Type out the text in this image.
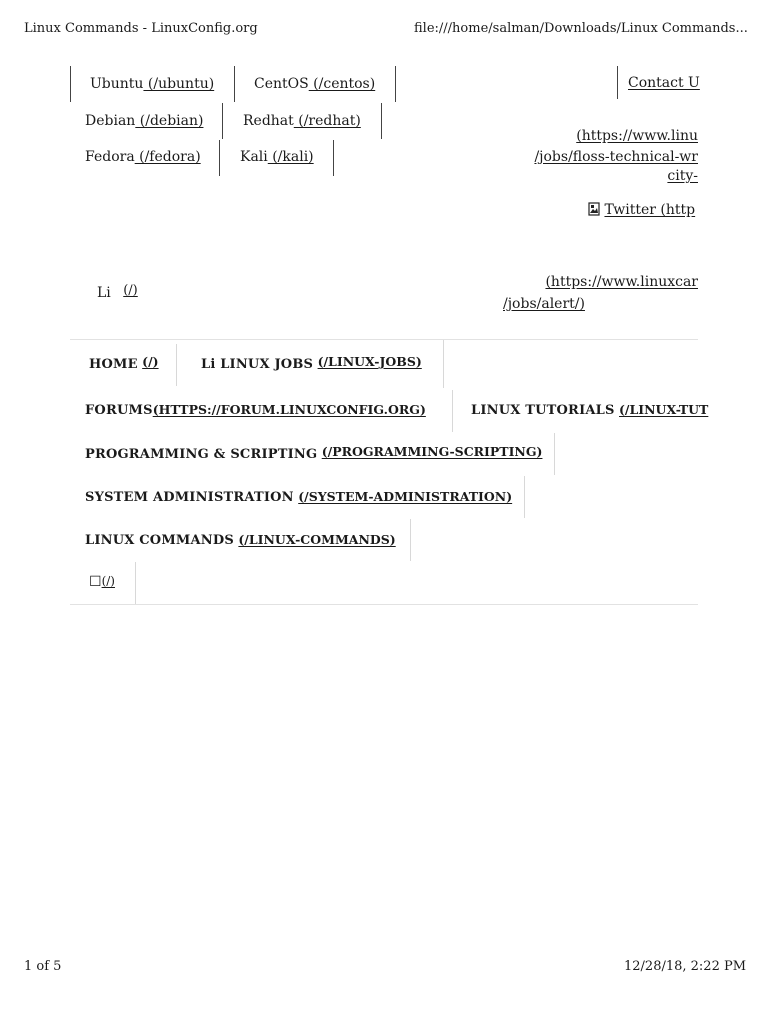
Linux Commands - LinuxConfig.org	file:///home/salman/Downloads/Linux Commands...
Ubuntu (/ubuntu)	CentOS (/centos)
Debian (/debian)	Redhat (/redhat)
Fedora (/fedora)	Kali (/kali)
Contact U
(https://www.linu
/jobs/floss-technical-wr
city-
Twitter (http
Li (/)
(https://www.linuxcar
/jobs/alert/)
HOME (/)	Li LINUX JOBS (/LINUX-JOBS)
FORUMS(HTTPS://FORUM.LINUXCONFIG.ORG)	LINUX TUTORIALS (/LINUX-TUT
PROGRAMMING & SCRIPTING (/PROGRAMMING-SCRIPTING)
SYSTEM ADMINISTRATION (/SYSTEM-ADMINISTRATION)
LINUX COMMANDS (/LINUX-COMMANDS)
☐(/)
1 of 5	12/28/18, 2:22 PM
